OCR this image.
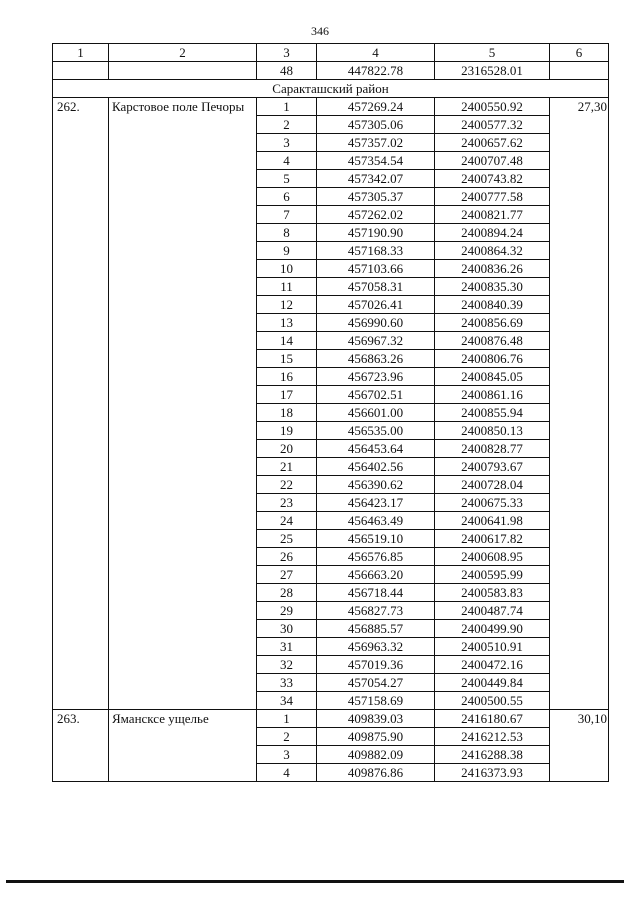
346
1	2	3	4	5	6
		48	447822.78	2316528.01	
Саракташский район					
262.	Карстовое поле Печоры	1	457269.24	2400550.92	27,30
		2	457305.06	2400577.32	
		3	457357.02	2400657.62	
		4	457354.54	2400707.48	
		5	457342.07	2400743.82	
		6	457305.37	2400777.58	
		7	457262.02	2400821.77	
		8	457190.90	2400894.24	
		9	457168.33	2400864.32	
		10	457103.66	2400836.26	
		11	457058.31	2400835.30	
		12	457026.41	2400840.39	
		13	456990.60	2400856.69	
		14	456967.32	2400876.48	
		15	456863.26	2400806.76	
		16	456723.96	2400845.05	
		17	456702.51	2400861.16	
		18	456601.00	2400855.94	
		19	456535.00	2400850.13	
		20	456453.64	2400828.77	
		21	456402.56	2400793.67	
		22	456390.62	2400728.04	
		23	456423.17	2400675.33	
		24	456463.49	2400641.98	
		25	456519.10	2400617.82	
		26	456576.85	2400608.95	
		27	456663.20	2400595.99	
		28	456718.44	2400583.83	
		29	456827.73	2400487.74	
		30	456885.57	2400499.90	
		31	456963.32	2400510.91	
		32	457019.36	2400472.16	
		33	457054.27	2400449.84	
		34	457158.69	2400500.55	
263.	Ямансксе ущелье	1	409839.03	2416180.67	30,10
		2	409875.90	2416212.53	
		3	409882.09	2416288.38	
		4	409876.86	2416373.93	
